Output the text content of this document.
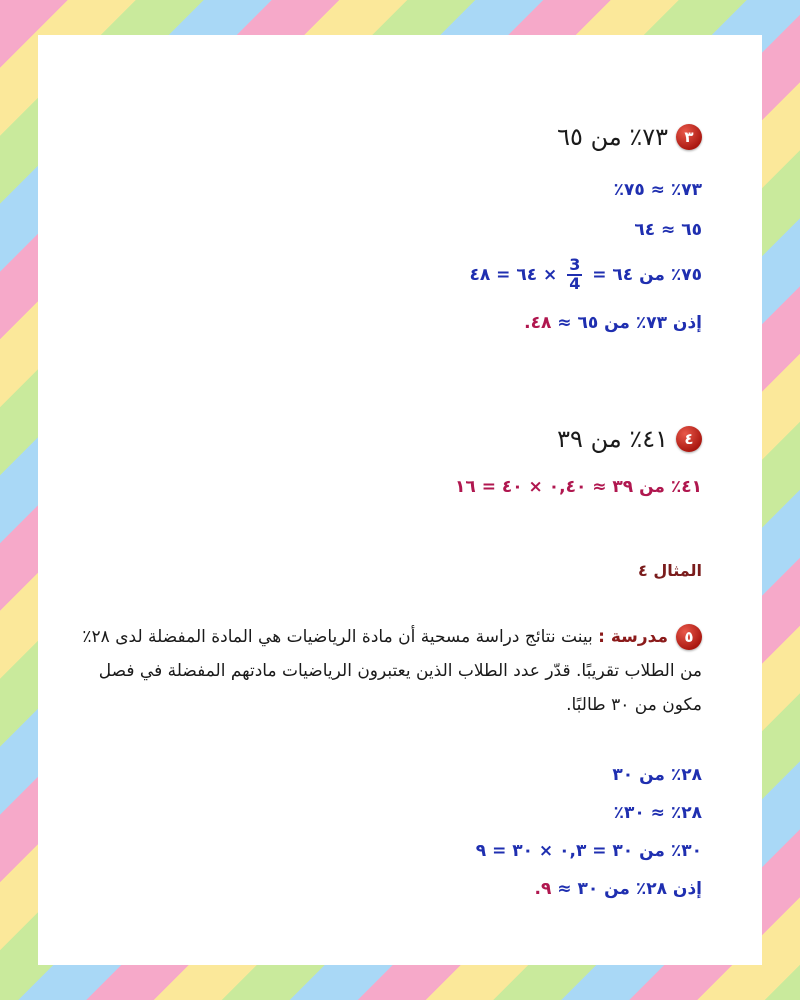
٣
٧٣٪ من ٦٥
٧٣٪ ≈ ٧٥٪
٦٥ ≈ ٦٤
٧٥٪ من ٦٤ =
$\frac{3}{4}$
× ٦٤ = ٤٨
إذن ٧٣٪ من ٦٥ ≈ ٤٨.
٤
٤١٪ من ٣٩
٤١٪ من ٣٩ ≈ ٠,٤٠ × ٤٠ = ١٦
المثال ٤
٥مدرسة : بينت نتائج دراسة مسحية أن مادة الرياضيات هي المادة المفضلة لدى ٢٨٪ من الطلاب تقريبًا. قدّر عدد الطلاب الذين يعتبرون الرياضيات مادتهم المفضلة في فصل مكون من ٣٠ طالبًا.
٢٨٪ من ٣٠
٢٨٪ ≈ ٣٠٪
٣٠٪ من ٣٠ = ٠,٣ × ٣٠ = ٩
إذن ٢٨٪ من ٣٠ ≈ ٩.
